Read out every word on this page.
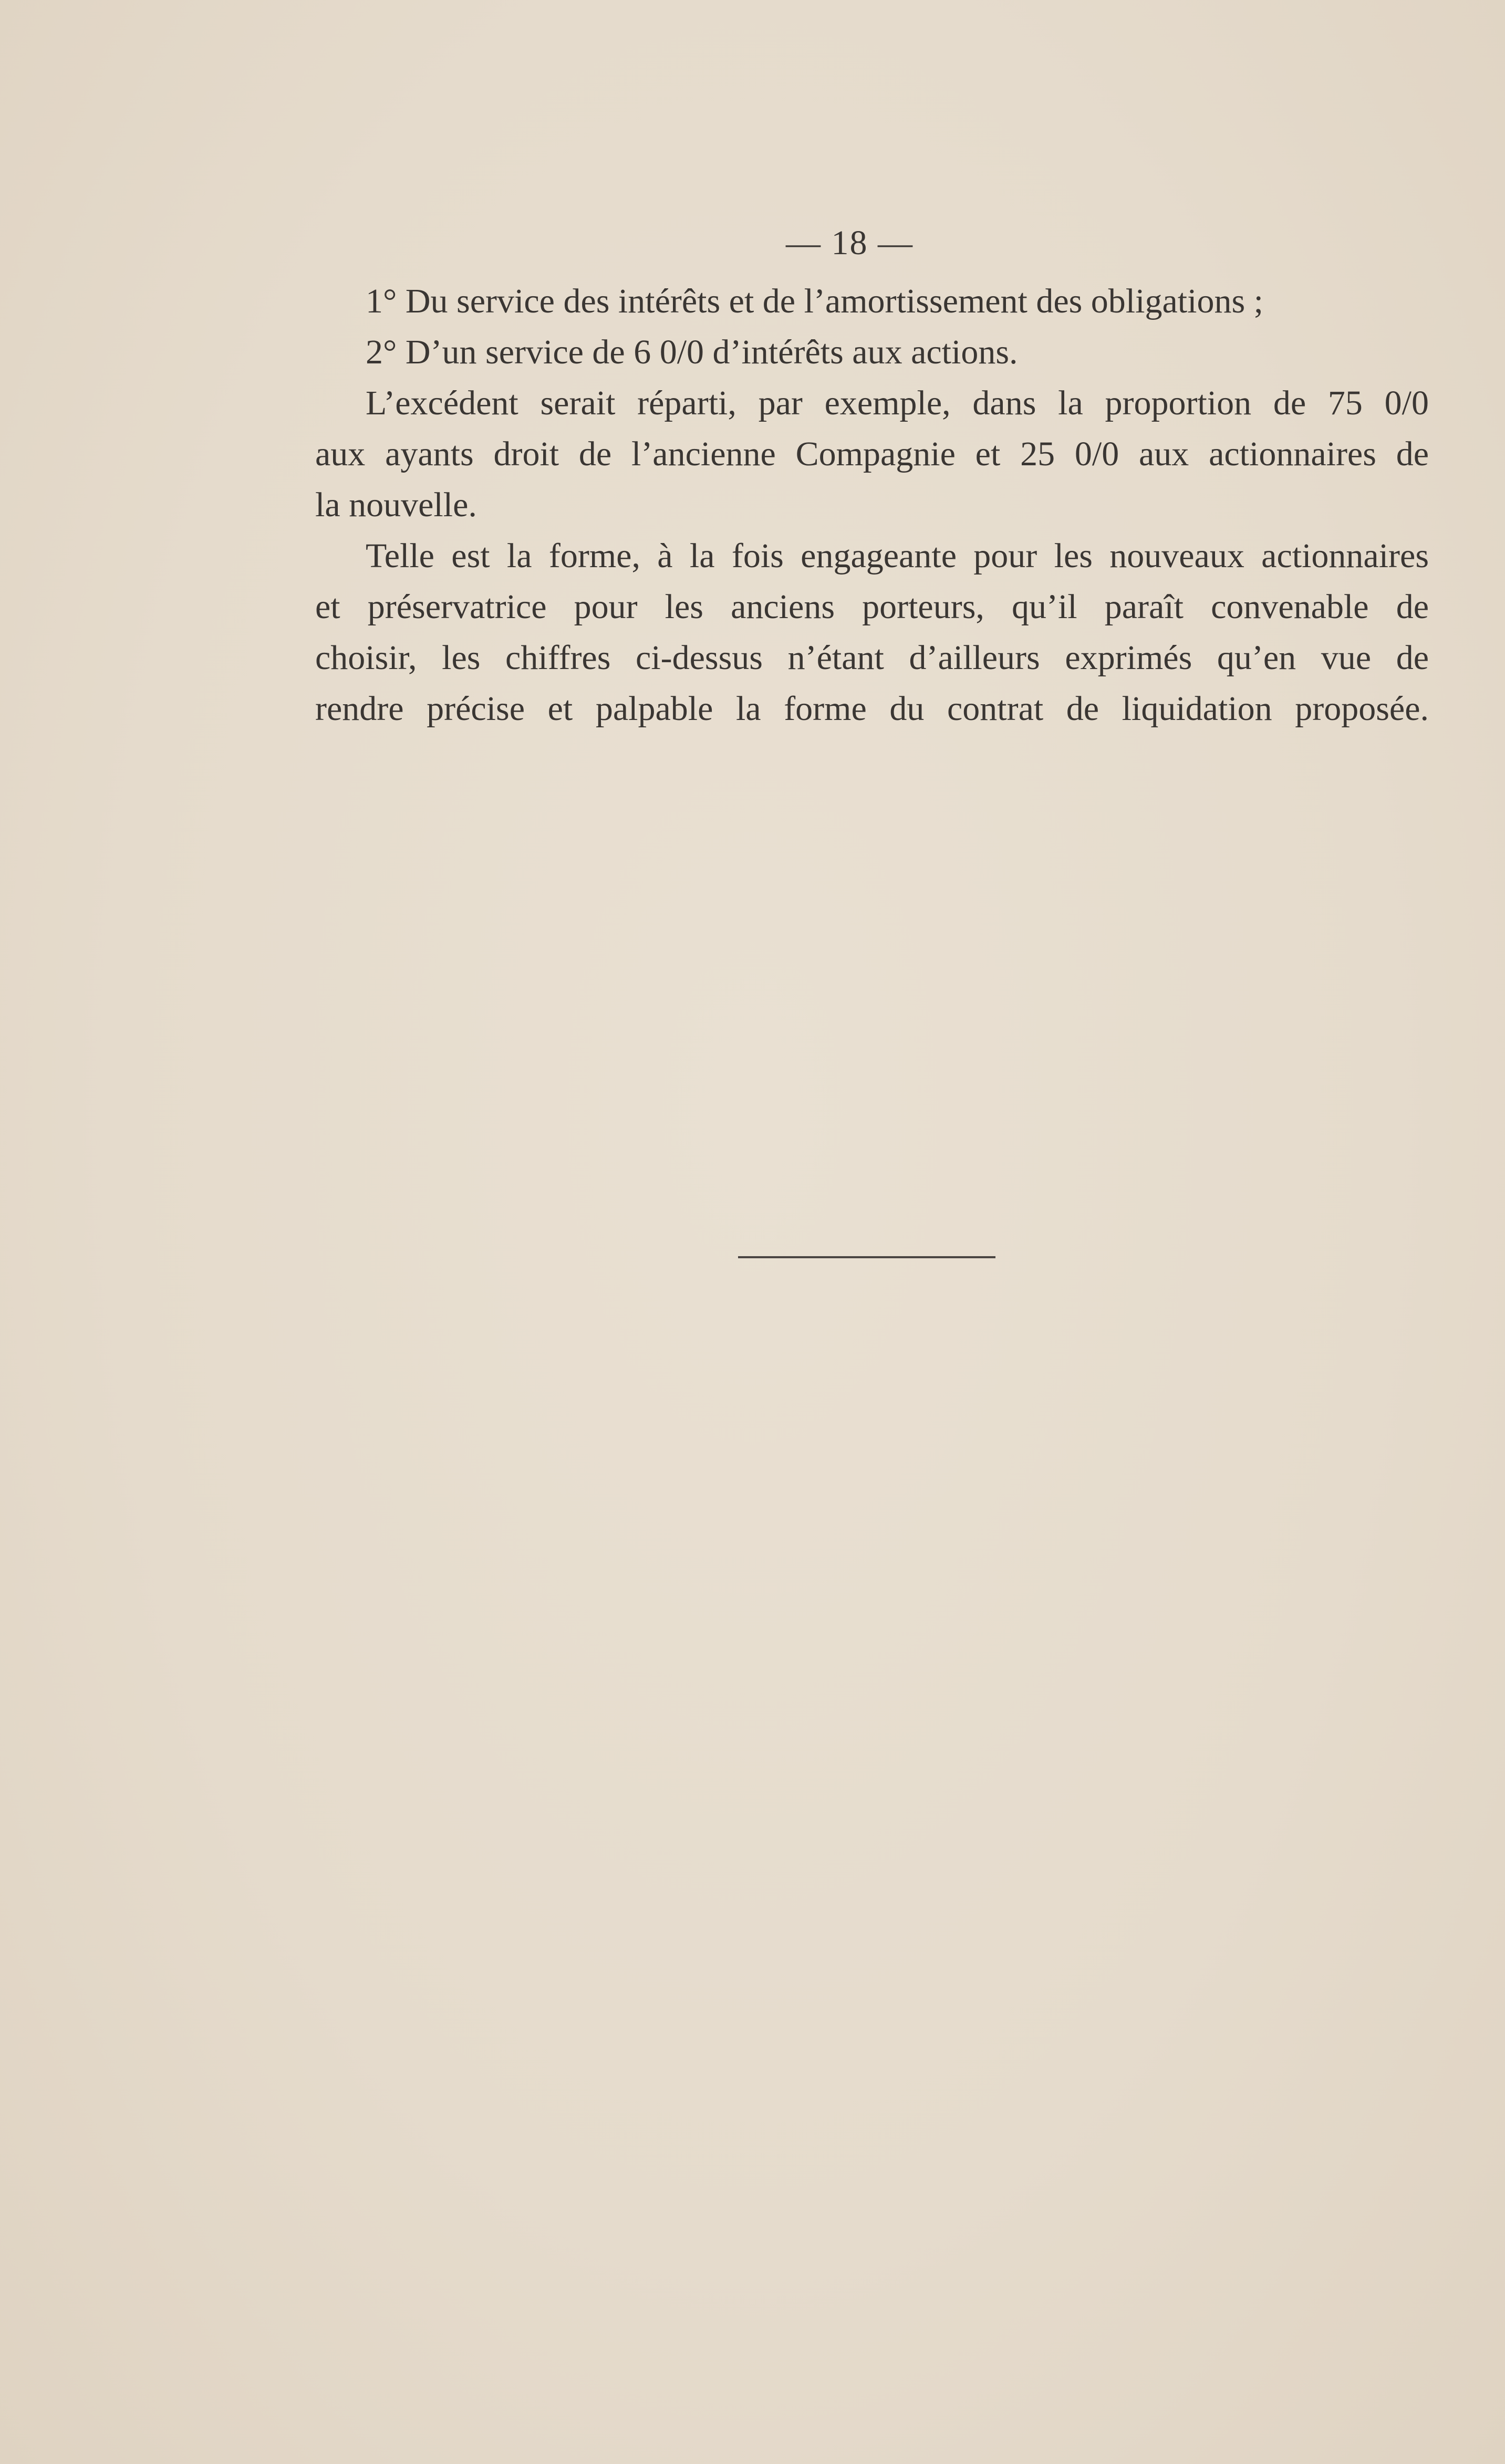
— 18 —
1° Du service des intérêts et de l’amortissement des obligations ;
2° D’un service de 6 0/0 d’intérêts aux actions.
L’excédent serait réparti, par exemple, dans la proportion de 75 0/0
aux ayants droit de l’ancienne Compagnie et 25 0/0 aux actionnaires de
la nouvelle.
Telle est la forme, à la fois engageante pour les nouveaux actionnaires
et préservatrice pour les anciens porteurs, qu’il paraît convenable de
choisir, les chiffres ci-dessus n’étant d’ailleurs exprimés qu’en vue de
rendre précise et palpable la forme du contrat de liquidation proposée.
